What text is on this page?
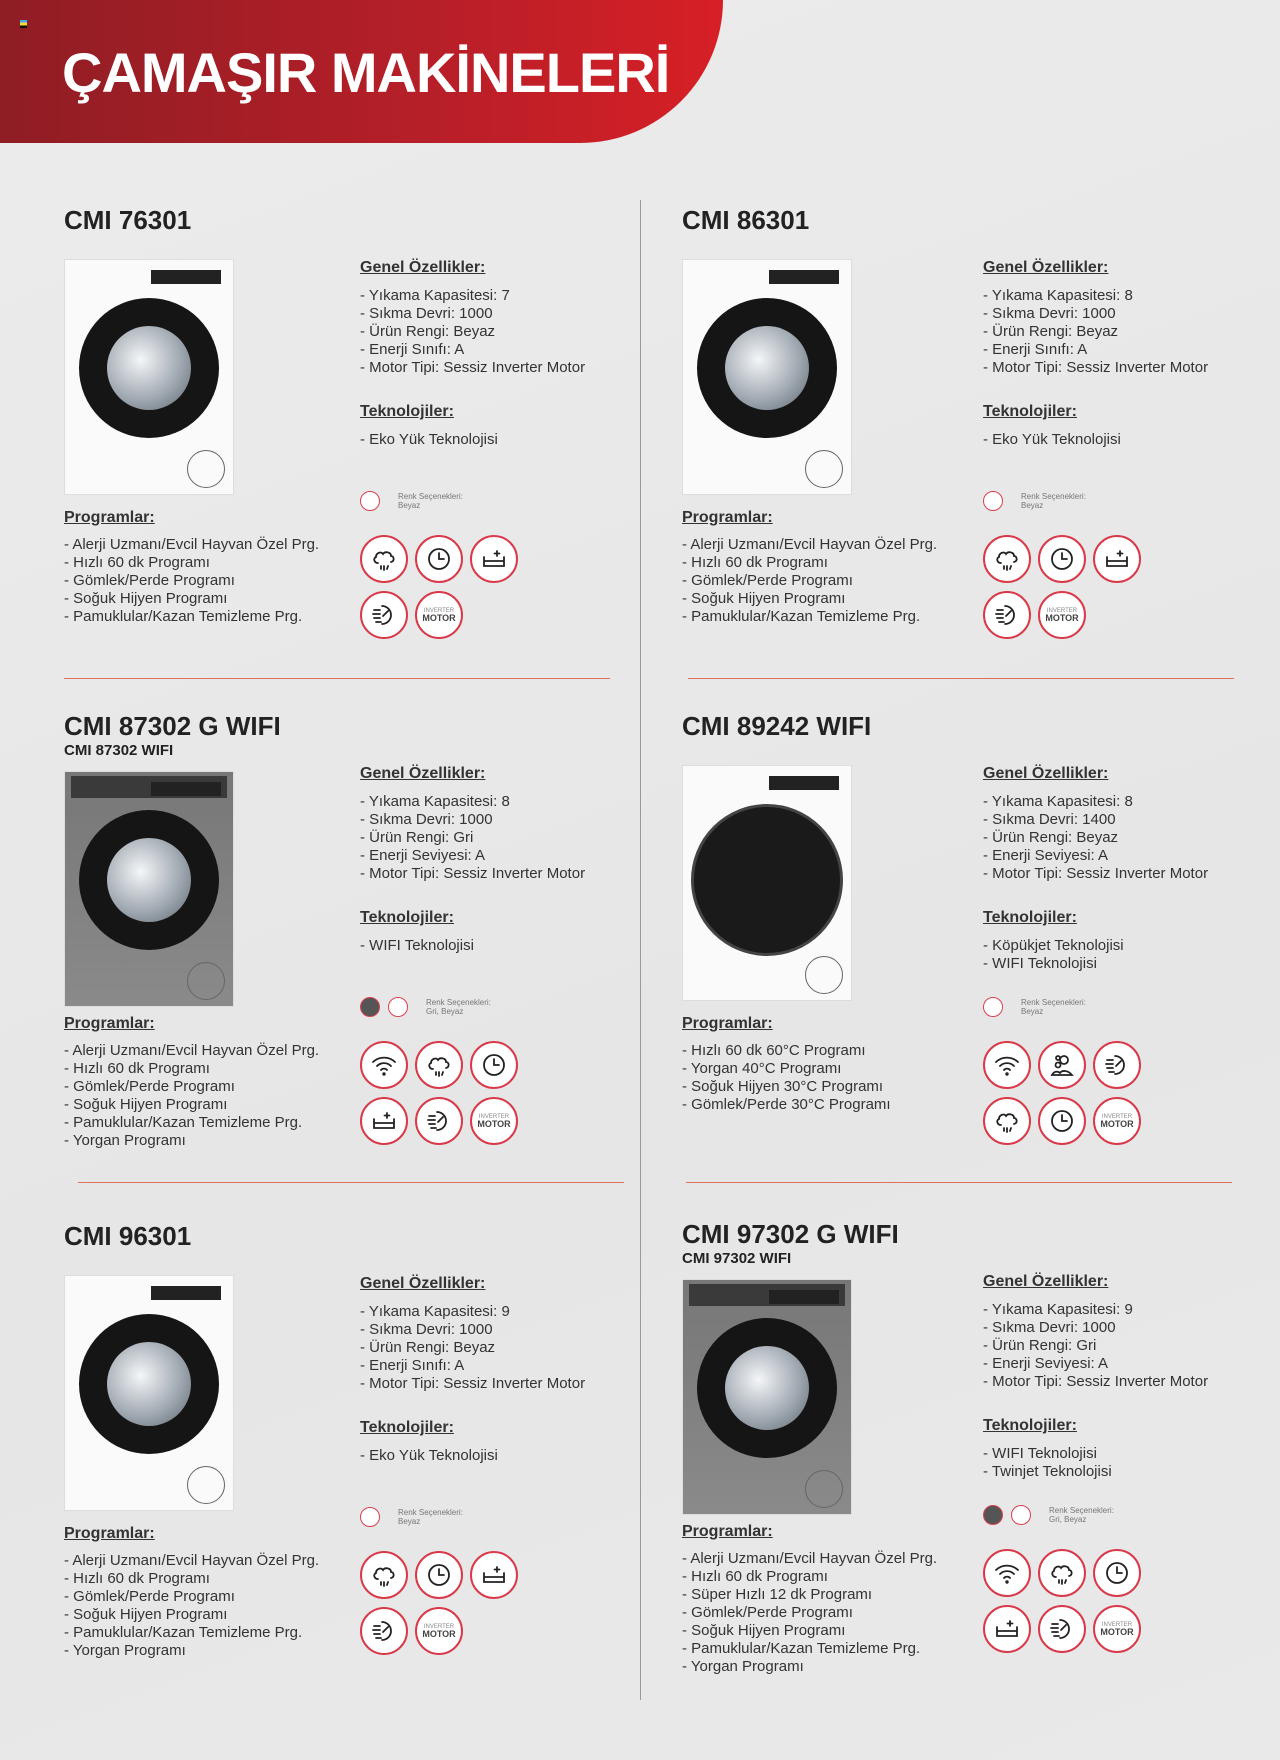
ÇAMAŞIR MAKİNELERİ
CMI 76301
Genel Özellikler:
- Yıkama Kapasitesi: 7
- Sıkma Devri: 1000
- Ürün Rengi: Beyaz
- Enerji Sınıfı: A
- Motor Tipi: Sessiz Inverter Motor
Teknolojiler:
- Eko Yük Teknolojisi
Renk Seçenekleri:
Beyaz
INVERTER
MOTOR
Programlar:
- Alerji Uzmanı/Evcil Hayvan Özel Prg.
- Hızlı 60 dk Programı
- Gömlek/Perde Programı
- Soğuk Hijyen Programı
- Pamuklular/Kazan Temizleme Prg.
CMI 86301
Genel Özellikler:
- Yıkama Kapasitesi: 8
- Sıkma Devri: 1000
- Ürün Rengi: Beyaz
- Enerji Sınıfı: A
- Motor Tipi: Sessiz Inverter Motor
Teknolojiler:
- Eko Yük Teknolojisi
Renk Seçenekleri:
Beyaz
INVERTER
MOTOR
Programlar:
- Alerji Uzmanı/Evcil Hayvan Özel Prg.
- Hızlı 60 dk Programı
- Gömlek/Perde Programı
- Soğuk Hijyen Programı
- Pamuklular/Kazan Temizleme Prg.
CMI 87302 G WIFI
CMI 87302 WIFI
Genel Özellikler:
- Yıkama Kapasitesi: 8
- Sıkma Devri: 1000
- Ürün Rengi: Gri
- Enerji Seviyesi: A
- Motor Tipi: Sessiz Inverter Motor
Teknolojiler:
- WIFI Teknolojisi
Renk Seçenekleri:
Gri, Beyaz
INVERTER
MOTOR
Programlar:
- Alerji Uzmanı/Evcil Hayvan Özel Prg.
- Hızlı 60 dk Programı
- Gömlek/Perde Programı
- Soğuk Hijyen Programı
- Pamuklular/Kazan Temizleme Prg.
- Yorgan Programı
CMI 89242 WIFI
Genel Özellikler:
- Yıkama Kapasitesi: 8
- Sıkma Devri: 1400
- Ürün Rengi: Beyaz
- Enerji Seviyesi: A
- Motor Tipi: Sessiz Inverter Motor
Teknolojiler:
- Köpükjet Teknolojisi
- WIFI Teknolojisi
Renk Seçenekleri:
Beyaz
INVERTER
MOTOR
Programlar:
- Hızlı 60 dk 60°C Programı
- Yorgan 40°C Programı
- Soğuk Hijyen 30°C Programı
- Gömlek/Perde 30°C Programı
CMI 96301
Genel Özellikler:
- Yıkama Kapasitesi: 9
- Sıkma Devri: 1000
- Ürün Rengi: Beyaz
- Enerji Sınıfı: A
- Motor Tipi: Sessiz Inverter Motor
Teknolojiler:
- Eko Yük Teknolojisi
Renk Seçenekleri:
Beyaz
INVERTER
MOTOR
Programlar:
- Alerji Uzmanı/Evcil Hayvan Özel Prg.
- Hızlı 60 dk Programı
- Gömlek/Perde Programı
- Soğuk Hijyen Programı
- Pamuklular/Kazan Temizleme Prg.
- Yorgan Programı
CMI 97302 G WIFI
CMI 97302 WIFI
Genel Özellikler:
- Yıkama Kapasitesi: 9
- Sıkma Devri: 1000
- Ürün Rengi: Gri
- Enerji Seviyesi: A
- Motor Tipi: Sessiz Inverter Motor
Teknolojiler:
- WIFI Teknolojisi
- Twinjet Teknolojisi
Renk Seçenekleri:
Gri, Beyaz
INVERTER
MOTOR
Programlar:
- Alerji Uzmanı/Evcil Hayvan Özel Prg.
- Hızlı 60 dk Programı
- Süper Hızlı 12 dk Programı
- Gömlek/Perde Programı
- Soğuk Hijyen Programı
- Pamuklular/Kazan Temizleme Prg.
- Yorgan Programı
